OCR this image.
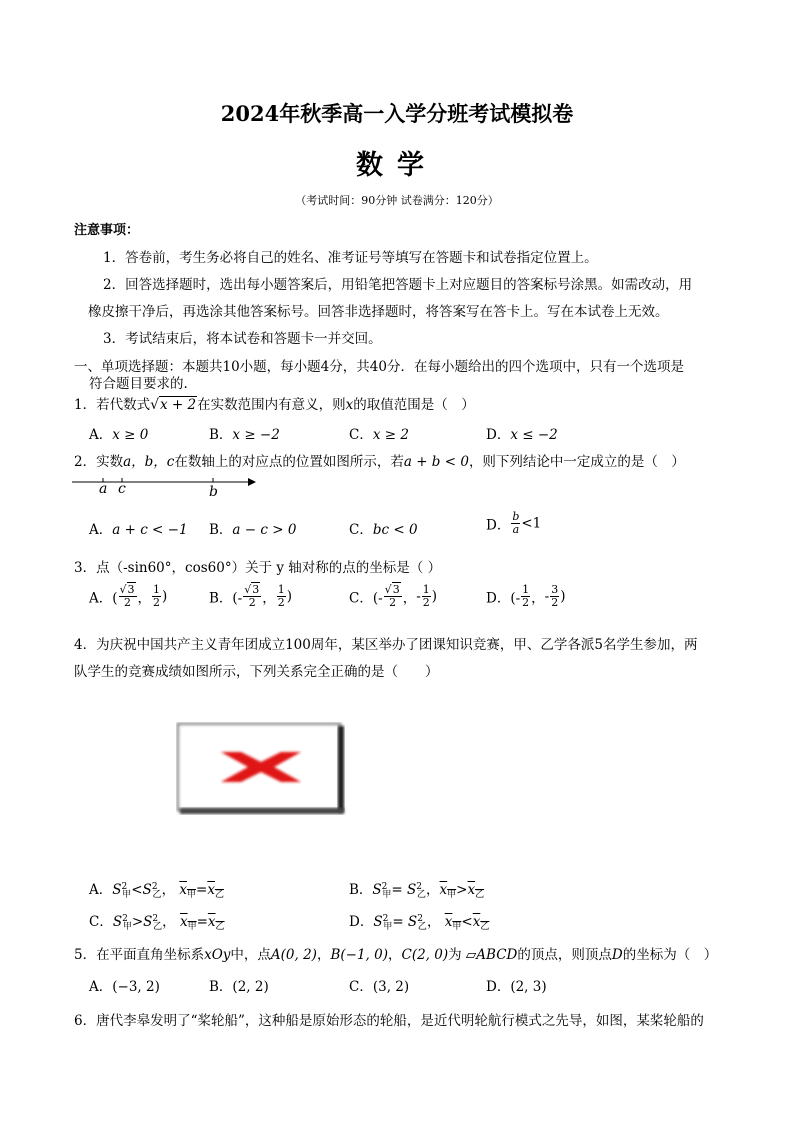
2024年秋季高一入学分班考试模拟卷
数学
（考试时间：90分钟 试卷满分：120分）
注意事项：
1．答卷前，考生务必将自己的姓名、准考证号等填写在答题卡和试卷指定位置上。
2．回答选择题时，选出每小题答案后，用铅笔把答题卡上对应题目的答案标号涂黑。如需改动，用
橡皮擦干净后，再选涂其他答案标号。回答非选择题时，将答案写在答卡上。写在本试卷上无效。
3．考试结束后，将本试卷和答题卡一并交回。
一、单项选择题：本题共10小题，每小题4分，共40分．在每小题给出的四个选项中，只有一个选项是
符合题目要求的.
1．若代数式√x + 2在实数范围内有意义，则x的取值范围是（　）
A．x ≥ 0	B．x ≥ −2	C．x ≥ 2	D．x ≤ −2
2．实数a，b，c在数轴上的对应点的位置如图所示，若a + b < 0，则下列结论中一定成立的是（　）
a c	b
A．a + c < −1 B．a − c > 0	C．bc < 0	D． $\frac{b}{a} <1$
3．点（-sin60°，cos60°）关于 y 轴对称的点的坐标是（ ）
A．( $\frac{√3}{2}$ ， $\frac{1}{2}$ )	B．(- $\frac{√3}{2}$ ， $\frac{1}{2}$ )	C．(- $\frac{√3}{2}$ ，- $\frac{1}{2}$ )	D．(- $\frac{1}{2}$ ，- $\frac{3}{2}$ )
4．为庆祝中国共产主义青年团成立100周年，某区举办了团课知识竞赛，甲、乙学各派5名学生参加，两
队学生的竞赛成绩如图所示，下列关系完全正确的是（　　）
A．$S^2_甲<S^2_乙$， $\overline{x}_甲=\overline{x}_乙$	B．$S^2_甲= S^2_乙$，$\overline{x}_甲>\overline{x}_乙$
C．$S^2_甲>S^2_乙$， $\overline{x}_甲=\overline{x}_乙$	D．$S^2_甲= S^2_乙$， $\overline{x}_甲<\overline{x}_乙$
5．在平面直角坐标系xOy中，点A(0, 2)，B(−1, 0)，C(2, 0)为 ▱ABCD的顶点，则顶点D的坐标为（　）
A．(−3, 2)	B．(2, 2)	C．(3, 2)	D．(2, 3)
6．唐代李皋发明了“桨轮船”，这种船是原始形态的轮船，是近代明轮航行模式之先导，如图，某桨轮船的
